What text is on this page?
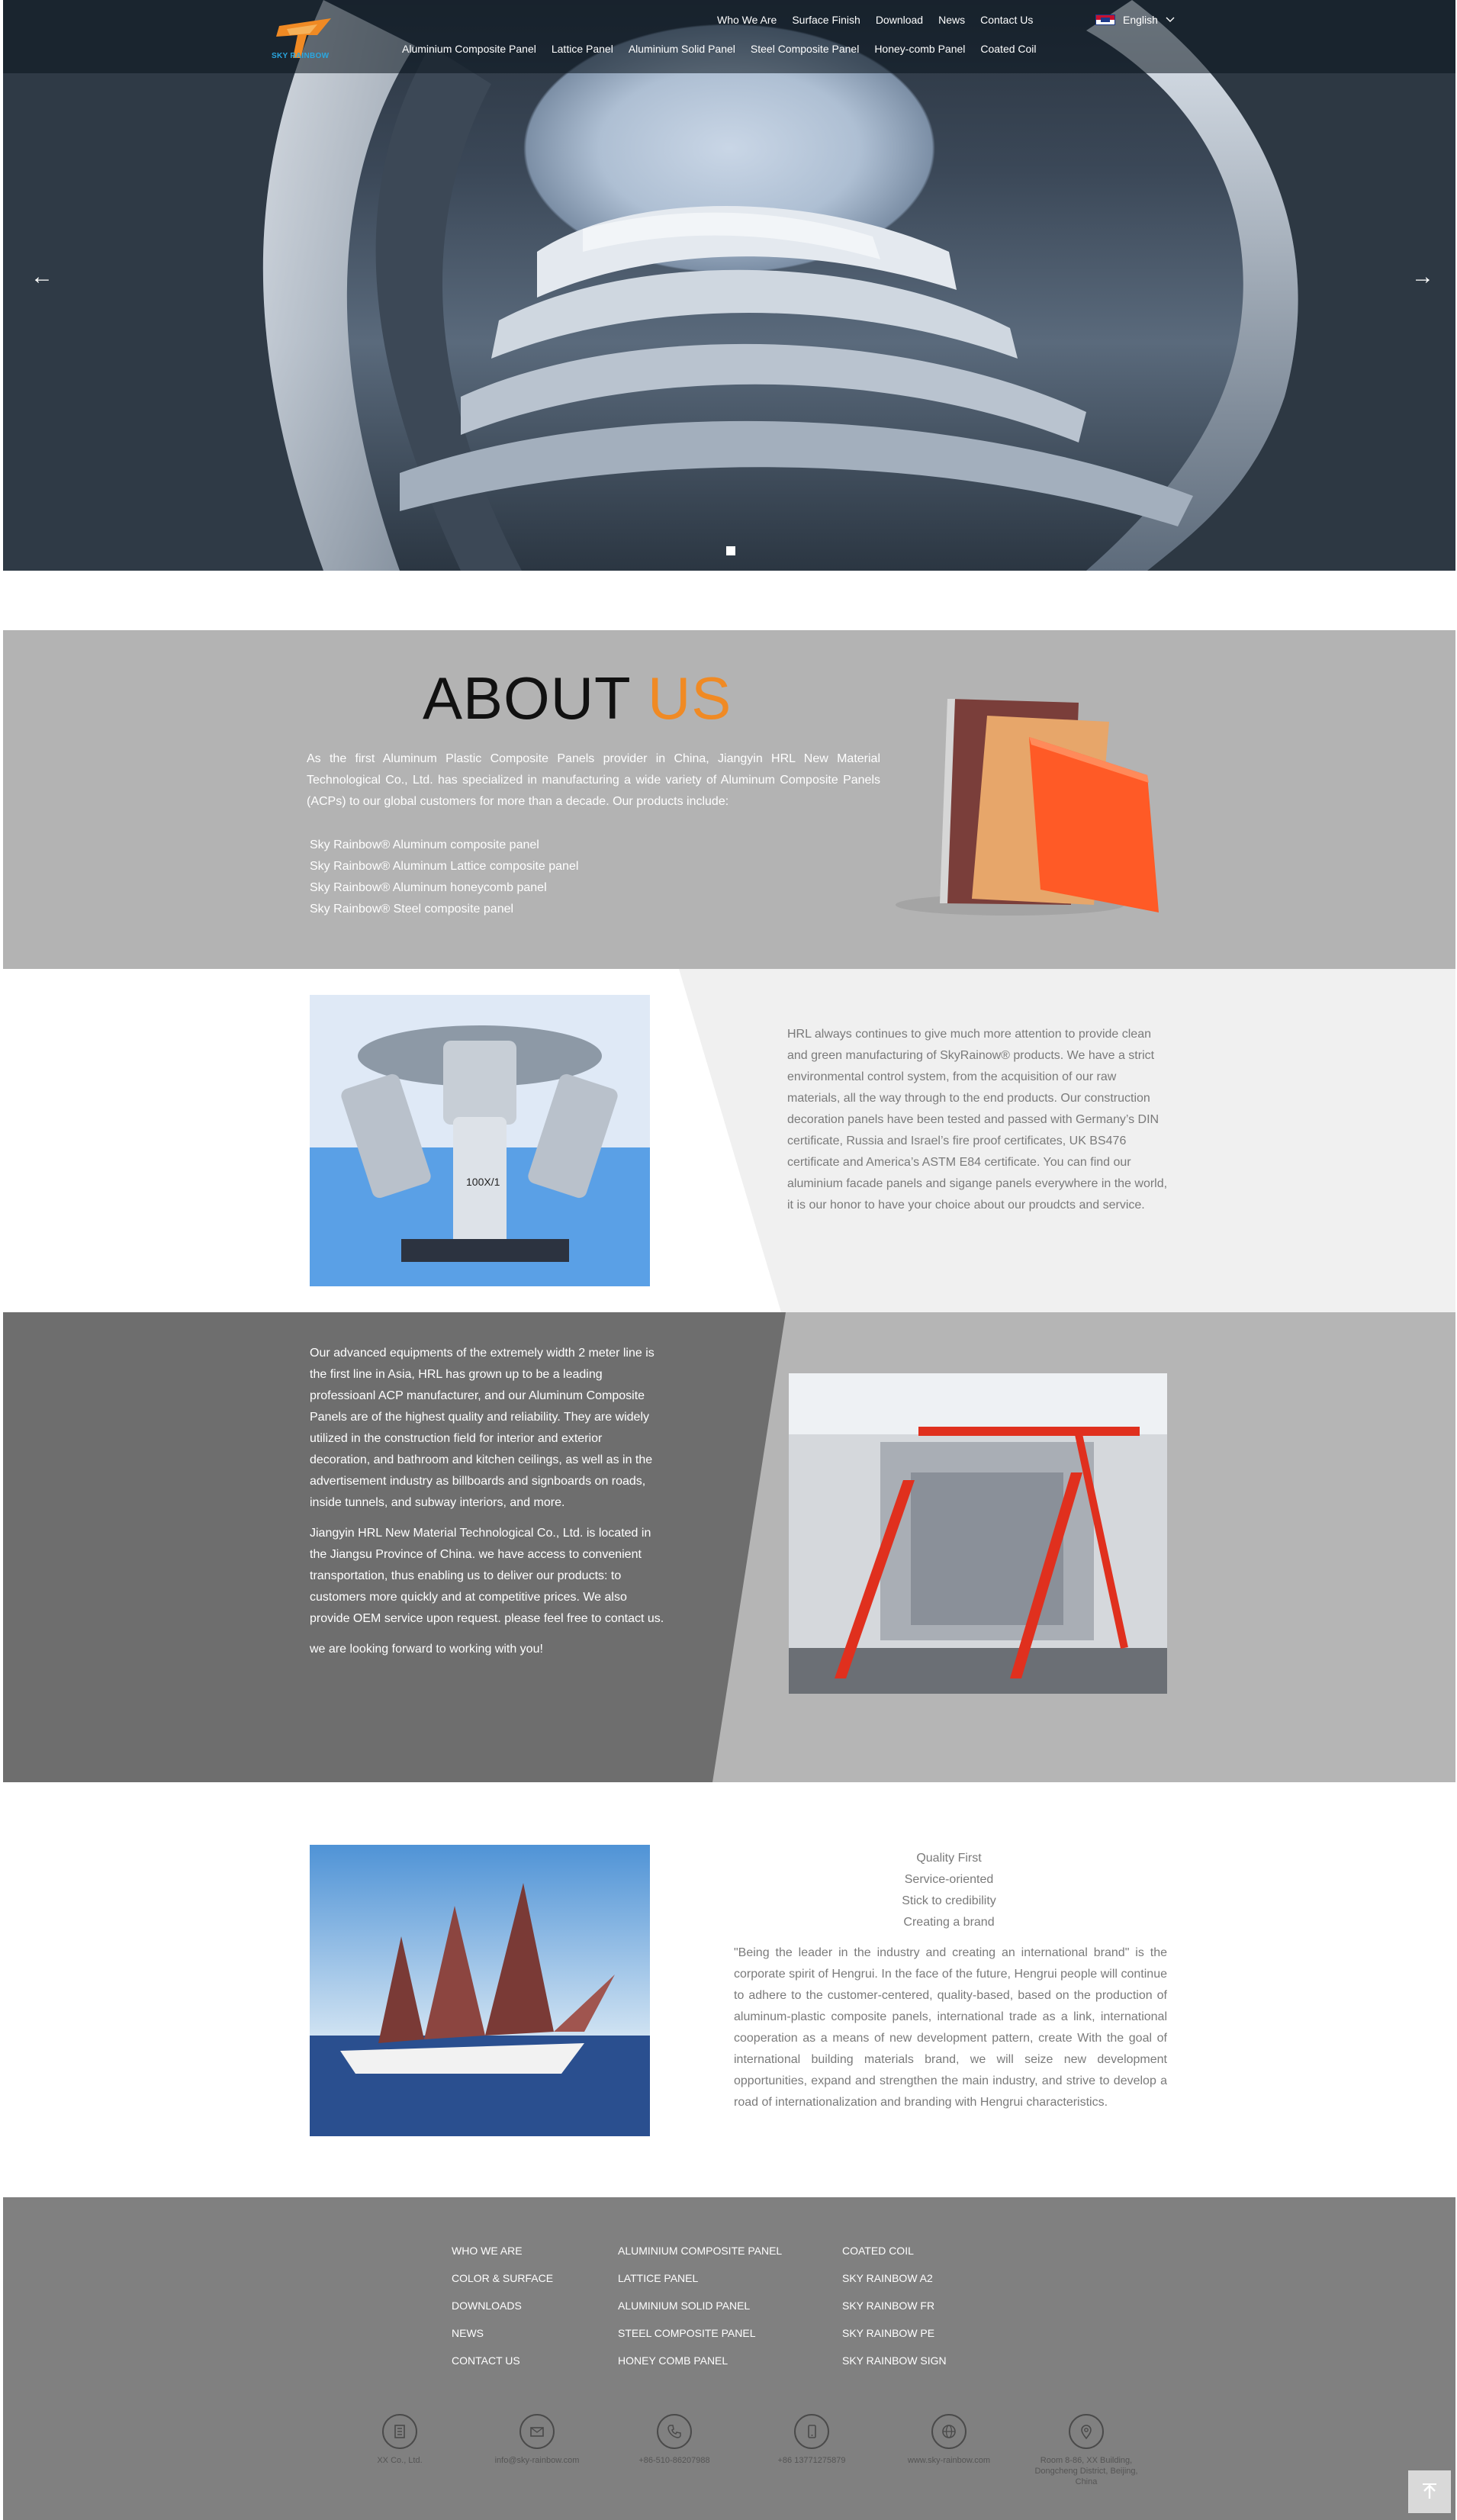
SKY RAINBOW
Who We Are Surface Finish Download News Contact Us	English
Aluminium Composite Panel Lattice Panel Aluminium Solid Panel Steel Composite Panel Honey-comb Panel Coated Coil
←	→
ABOUT US

As the first Aluminum Plastic Composite Panels provider in China, Jiangyin HRL New Material Technological Co., Ltd. has specialized in manufacturing a wide variety of Aluminum Composite Panels (ACPs) to our global customers for more than a decade. Our products include:

Sky Rainbow® Aluminum composite panel
Sky Rainbow® Aluminum Lattice composite panel
Sky Rainbow® Aluminum honeycomb panel
Sky Rainbow® Steel composite panel
100X/1

HRL always continues to give much more attention to provide clean and green manufacturing of SkyRainow® products. We have a strict environmental control system, from the acquisition of our raw materials, all the way through to the end products. Our construction decoration panels have been tested and passed with Germany’s DIN certificate, Russia and Israel’s fire proof certificates, UK BS476 certificate and America’s ASTM E84 certificate. You can find our aluminium facade panels and sigange panels everywhere in the world, it is our honor to have your choice about our proudcts and service.

Our advanced equipments of the extremely width 2 meter line is the first line in Asia, HRL has grown up to be a leading professioanl ACP manufacturer, and our Aluminum Composite Panels are of the highest quality and reliability. They are widely utilized in the construction field for interior and exterior decoration, and bathroom and kitchen ceilings, as well as in the advertisement industry as billboards and signboards on roads, inside tunnels, and subway interiors, and more.

Jiangyin HRL New Material Technological Co., Ltd. is located in the Jiangsu Province of China. we have access to convenient transportation, thus enabling us to deliver our products: to customers more quickly and at competitive prices. We also provide OEM service upon request. please feel free to contact us.

we are looking forward to working with you!

Quality First
Service-oriented
Stick to credibility
Creating a brand

"Being the leader in the industry and creating an international brand" is the corporate spirit of Hengrui. In the face of the future, Hengrui people will continue to adhere to the customer-centered, quality-based, based on the production of aluminum-plastic composite panels, international trade as a link, international cooperation as a means of new development pattern, create With the goal of international building materials brand, we will seize new development opportunities, expand and strengthen the main industry, and strive to develop a road of internationalization and branding with Hengrui characteristics.

WHO WE ARE
COLOR & SURFACE
DOWNLOADS
NEWS
CONTACT US
ALUMINIUM COMPOSITE PANEL
LATTICE PANEL
ALUMINIUM SOLID PANEL
STEEL COMPOSITE PANEL
HONEY COMB PANEL
COATED COIL
SKY RAINBOW A2
SKY RAINBOW FR
SKY RAINBOW PE
SKY RAINBOW SIGN
XX Co., Ltd.	info@sky-rainbow.com	+86-510-86207988	+86 13771275879	www.sky-rainbow.com	Room 8-86, XX Building, Dongcheng District, Beijing, China
